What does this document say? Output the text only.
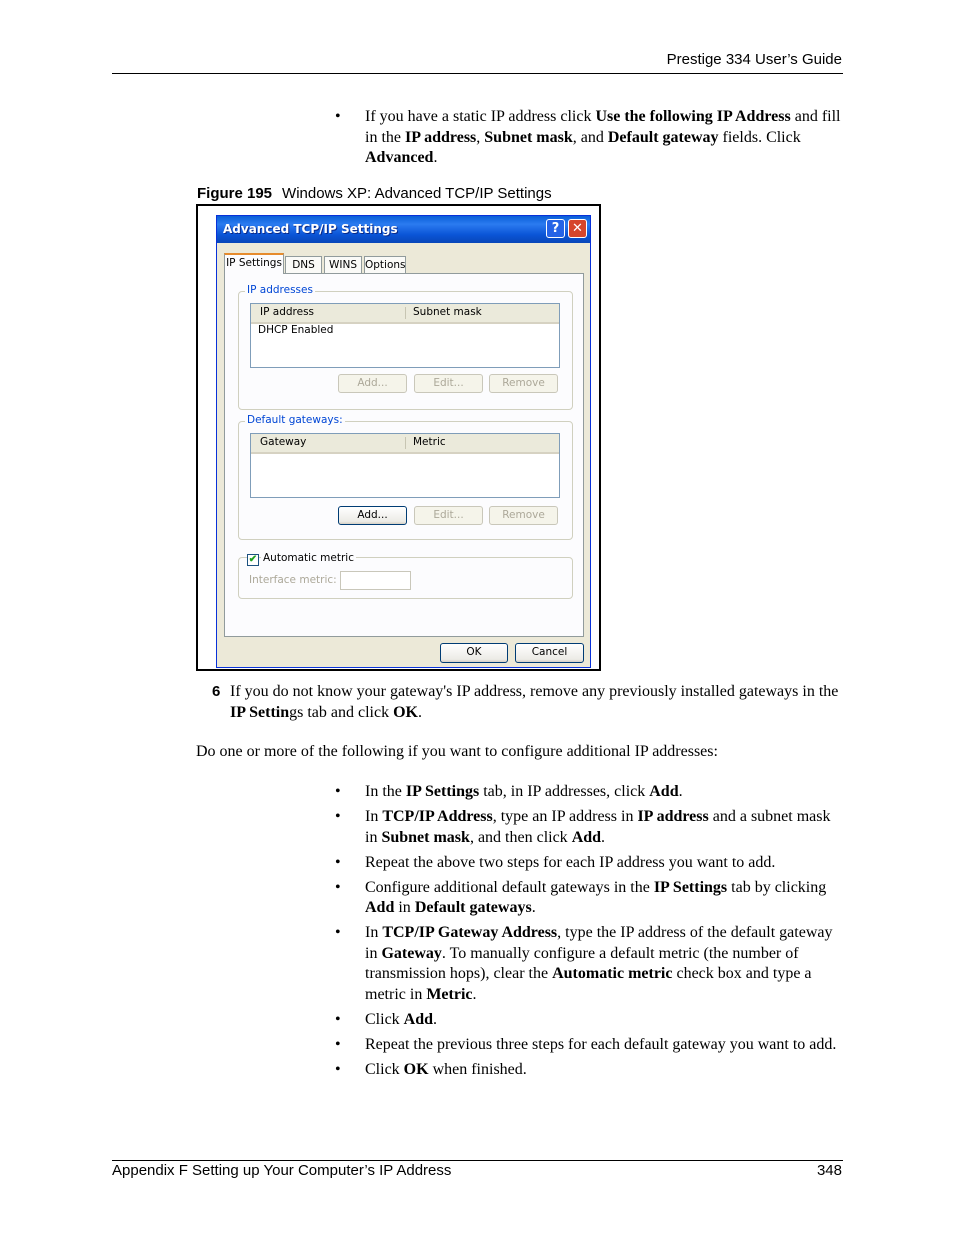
Prestige 334 User’s Guide
• If you have a static IP address click Use the following IP Address and fill in the IP address, Subnet mask, and Default gateway fields. Click Advanced.
Figure 195 Windows XP: Advanced TCP/IP Settings
Advanced TCP/IP Settings	? ✕
IP Settings DNS	WINS Options
IP addresses
IP address	Subnet mask
DHCP Enabled
Add...	Edit...	Remove
Default gateways:
Gateway	Metric
Add...	Edit...	Remove
✔ Automatic metric
Interface metric:
OK	Cancel
6 If you do not know your gateway's IP address, remove any previously installed gateways in the IP Settings tab and click OK.
Do one or more of the following if you want to configure additional IP addresses:
• In the IP Settings tab, in IP addresses, click Add.
• In TCP/IP Address, type an IP address in IP address and a subnet mask in Subnet mask, and then click Add.
• Repeat the above two steps for each IP address you want to add.
• Configure additional default gateways in the IP Settings tab by clicking Add in Default gateways.
• In TCP/IP Gateway Address, type the IP address of the default gateway in Gateway. To manually configure a default metric (the number of transmission hops), clear the Automatic metric check box and type a metric in Metric.
• Click Add.
• Repeat the previous three steps for each default gateway you want to add.
• Click OK when finished.
Appendix F Setting up Your Computer’s IP Address	348
